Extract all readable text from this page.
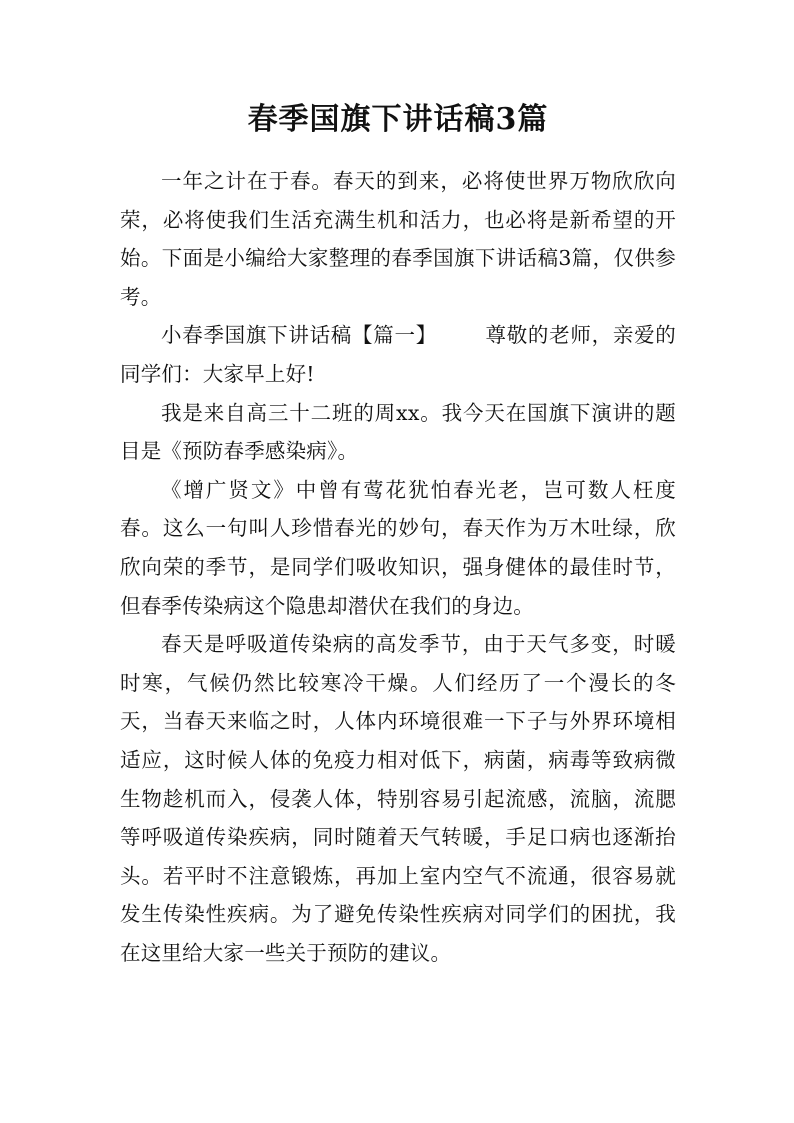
春季国旗下讲话稿3篇

一年之计在于春。春天的到来，必将使世界万物欣欣向荣，必将使我们生活充满生机和活力，也必将是新希望的开始。下面是小编给大家整理的春季国旗下讲话稿3篇，仅供参考。

小春季国旗下讲话稿【篇一】 尊敬的老师，亲爱的同学们：大家早上好!

我是来自高三十二班的周xx。我今天在国旗下演讲的题目是《预防春季感染病》。

《增广贤文》中曾有莺花犹怕春光老，岂可数人枉度春。这么一句叫人珍惜春光的妙句，春天作为万木吐绿，欣欣向荣的季节，是同学们吸收知识，强身健体的最佳时节，但春季传染病这个隐患却潜伏在我们的身边。

春天是呼吸道传染病的高发季节，由于天气多变，时暖时寒，气候仍然比较寒冷干燥。人们经历了一个漫长的冬天，当春天来临之时，人体内环境很难一下子与外界环境相适应，这时候人体的免疫力相对低下，病菌，病毒等致病微生物趁机而入，侵袭人体，特别容易引起流感，流脑，流腮等呼吸道传染疾病，同时随着天气转暖，手足口病也逐渐抬头。若平时不注意锻炼，再加上室内空气不流通，很容易就发生传染性疾病。为了避免传染性疾病对同学们的困扰，我在这里给大家一些关于预防的建议。
